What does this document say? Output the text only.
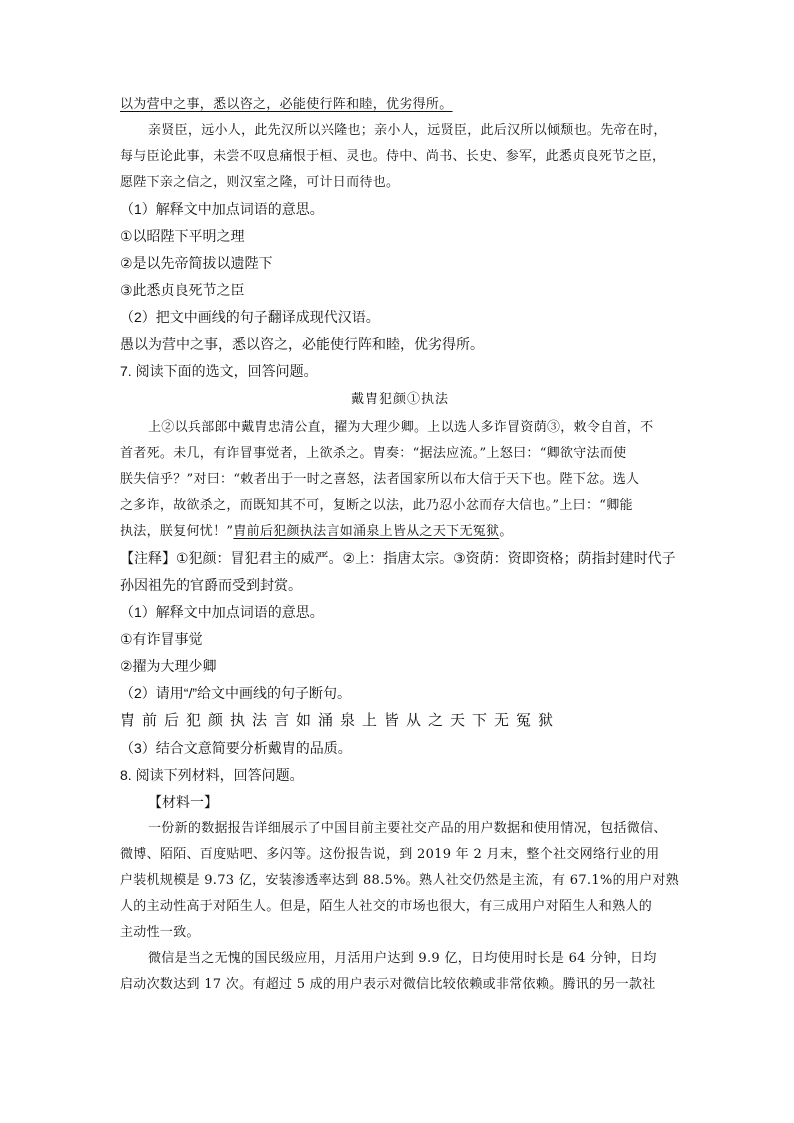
以为营中之事，悉以咨之，必能使行阵和睦，优劣得所。
亲贤臣，远小人，此先汉所以兴隆也；亲小人，远贤臣，此后汉所以倾颓也。先帝在时，
每与臣论此事，未尝不叹息痛恨于桓、灵也。侍中、尚书、长史、参军，此悉贞良死节之臣，
愿陛下亲之信之，则汉室之隆，可计日而待也。
（1）解释文中加点词语的意思。
①以昭陛下平明之理
②是以先帝简拔以遗陛下
③此悉贞良死节之臣
（2）把文中画线的句子翻译成现代汉语。
愚以为营中之事，悉以咨之，必能使行阵和睦，优劣得所。
7. 阅读下面的选文，回答问题。
戴胄犯颜①执法
上②以兵部郎中戴胄忠清公直，擢为大理少卿。上以选人多诈冒资荫③，敕令自首，不
首者死。未几，有诈冒事觉者，上欲杀之。胄奏：“据法应流。”上怒曰：“卿欲守法而使
朕失信乎？”对曰：“敕者出于一时之喜怒，法者国家所以布大信于天下也。陛下忿。选人
之多诈，故欲杀之，而既知其不可，复断之以法，此乃忍小忿而存大信也。”上曰：“卿能
执法，朕复何忧！”胄前后犯颜执法言如涌泉上皆从之天下无冤狱。
【注释】①犯颜：冒犯君主的威严。②上：指唐太宗。③资荫：资即资格；荫指封建时代子
孙因祖先的官爵而受到封赏。
（1）解释文中加点词语的意思。
①有诈冒事觉
②擢为大理少卿
（2）请用“/”给文中画线的句子断句。
胄前后犯颜执法言如涌泉上皆从之天下无冤狱
（3）结合文意简要分析戴胄的品质。
8. 阅读下列材料，回答问题。
【材料一】
一份新的数据报告详细展示了中国目前主要社交产品的用户数据和使用情况，包括微信、
微博、陌陌、百度贴吧、多闪等。这份报告说，到 2019 年 2 月末，整个社交网络行业的用
户装机规模是 9.73 亿，安装渗透率达到 88.5%。熟人社交仍然是主流，有 67.1%的用户对熟
人的主动性高于对陌生人。但是，陌生人社交的市场也很大，有三成用户对陌生人和熟人的
主动性一致。
微信是当之无愧的国民级应用，月活用户达到 9.9 亿，日均使用时长是 64 分钟，日均
启动次数达到 17 次。有超过 5 成的用户表示对微信比较依赖或非常依赖。腾讯的另一款社
